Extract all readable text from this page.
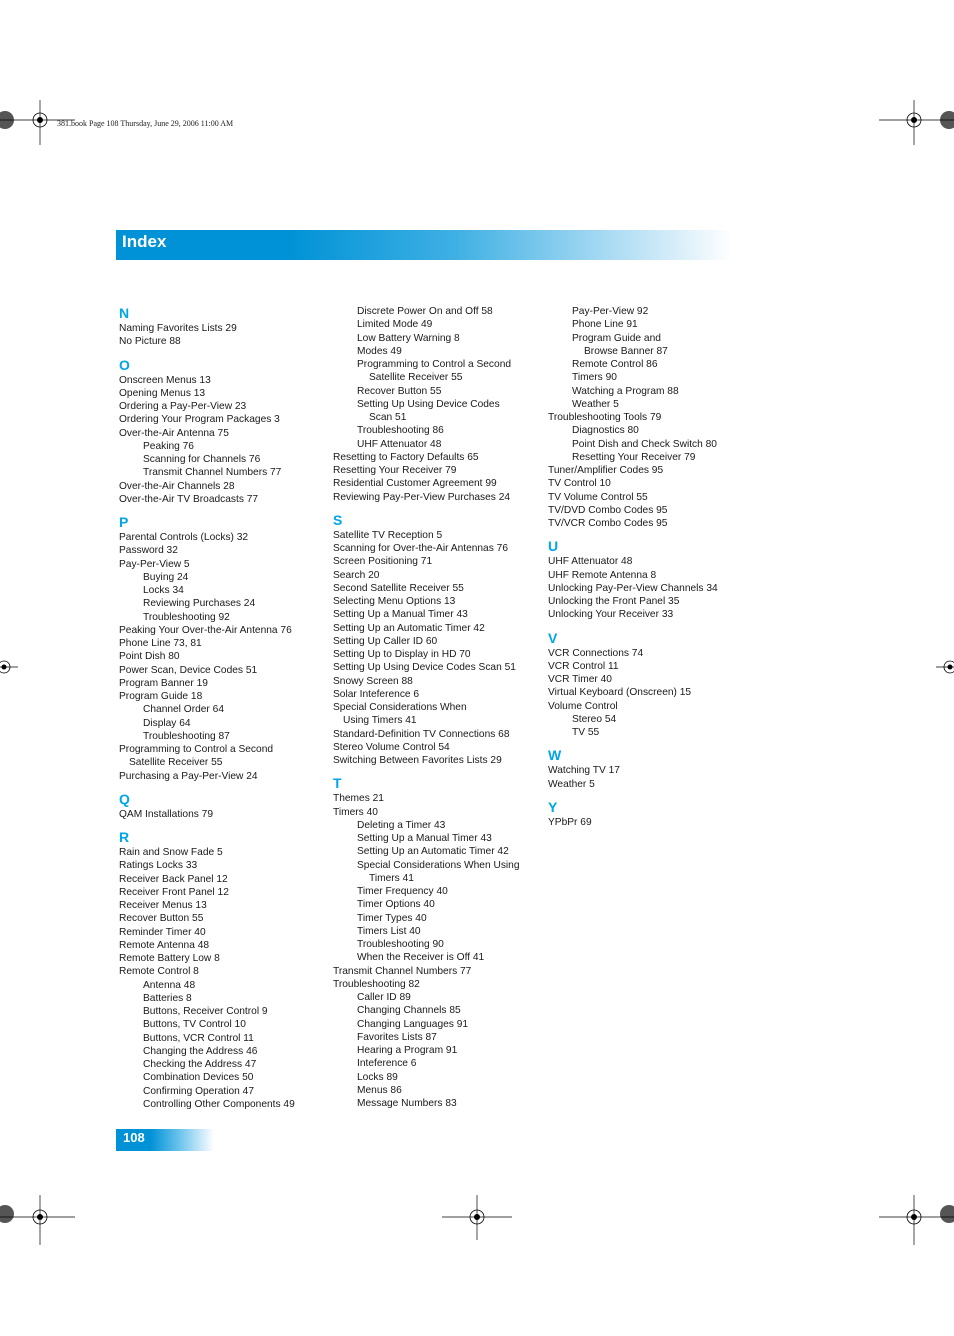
381.book Page 108 Thursday, June 29, 2006 11:00 AM
Index
N
Naming Favorites Lists 29
No Picture 88
O
Onscreen Menus 13
Opening Menus 13
Ordering a Pay-Per-View 23
Ordering Your Program Packages 3
Over-the-Air Antenna 75
Peaking 76
Scanning for Channels 76
Transmit Channel Numbers 77
Over-the-Air Channels 28
Over-the-Air TV Broadcasts 77
P
Parental Controls (Locks) 32
Password 32
Pay-Per-View 5
Buying 24
Locks 34
Reviewing Purchases 24
Troubleshooting 92
Peaking Your Over-the-Air Antenna 76
Phone Line 73, 81
Point Dish 80
Power Scan, Device Codes 51
Program Banner 19
Program Guide 18
Channel Order 64
Display 64
Troubleshooting 87
Programming to Control a Second
Satellite Receiver 55
Purchasing a Pay-Per-View 24
Q
QAM Installations 79
R
Rain and Snow Fade 5
Ratings Locks 33
Receiver Back Panel 12
Receiver Front Panel 12
Receiver Menus 13
Recover Button 55
Reminder Timer 40
Remote Antenna 48
Remote Battery Low 8
Remote Control 8
Antenna 48
Batteries 8
Buttons, Receiver Control 9
Buttons, TV Control 10
Buttons, VCR Control 11
Changing the Address 46
Checking the Address 47
Combination Devices 50
Confirming Operation 47
Controlling Other Components 49
Discrete Power On and Off 58
Limited Mode 49
Low Battery Warning 8
Modes 49
Programming to Control a Second
Satellite Receiver 55
Recover Button 55
Setting Up Using Device Codes
Scan 51
Troubleshooting 86
UHF Attenuator 48
Resetting to Factory Defaults 65
Resetting Your Receiver 79
Residential Customer Agreement 99
Reviewing Pay-Per-View Purchases 24
S
Satellite TV Reception 5
Scanning for Over-the-Air Antennas 76
Screen Positioning 71
Search 20
Second Satellite Receiver 55
Selecting Menu Options 13
Setting Up a Manual Timer 43
Setting Up an Automatic Timer 42
Setting Up Caller ID 60
Setting Up to Display in HD 70
Setting Up Using Device Codes Scan 51
Snowy Screen 88
Solar Inteference 6
Special Considerations When
Using Timers 41
Standard-Definition TV Connections 68
Stereo Volume Control 54
Switching Between Favorites Lists 29
T
Themes 21
Timers 40
Deleting a Timer 43
Setting Up a Manual Timer 43
Setting Up an Automatic Timer 42
Special Considerations When Using
Timers 41
Timer Frequency 40
Timer Options 40
Timer Types 40
Timers List 40
Troubleshooting 90
When the Receiver is Off 41
Transmit Channel Numbers 77
Troubleshooting 82
Caller ID 89
Changing Channels 85
Changing Languages 91
Favorites Lists 87
Hearing a Program 91
Inteference 6
Locks 89
Menus 86
Message Numbers 83
Pay-Per-View 92
Phone Line 91
Program Guide and
Browse Banner 87
Remote Control 86
Timers 90
Watching a Program 88
Weather 5
Troubleshooting Tools 79
Diagnostics 80
Point Dish and Check Switch 80
Resetting Your Receiver 79
Tuner/Amplifier Codes 95
TV Control 10
TV Volume Control 55
TV/DVD Combo Codes 95
TV/VCR Combo Codes 95
U
UHF Attenuator 48
UHF Remote Antenna 8
Unlocking Pay-Per-View Channels 34
Unlocking the Front Panel 35
Unlocking Your Receiver 33
V
VCR Connections 74
VCR Control 11
VCR Timer 40
Virtual Keyboard (Onscreen) 15
Volume Control
Stereo 54
TV 55
W
Watching TV 17
Weather 5
Y
YPbPr 69
108
